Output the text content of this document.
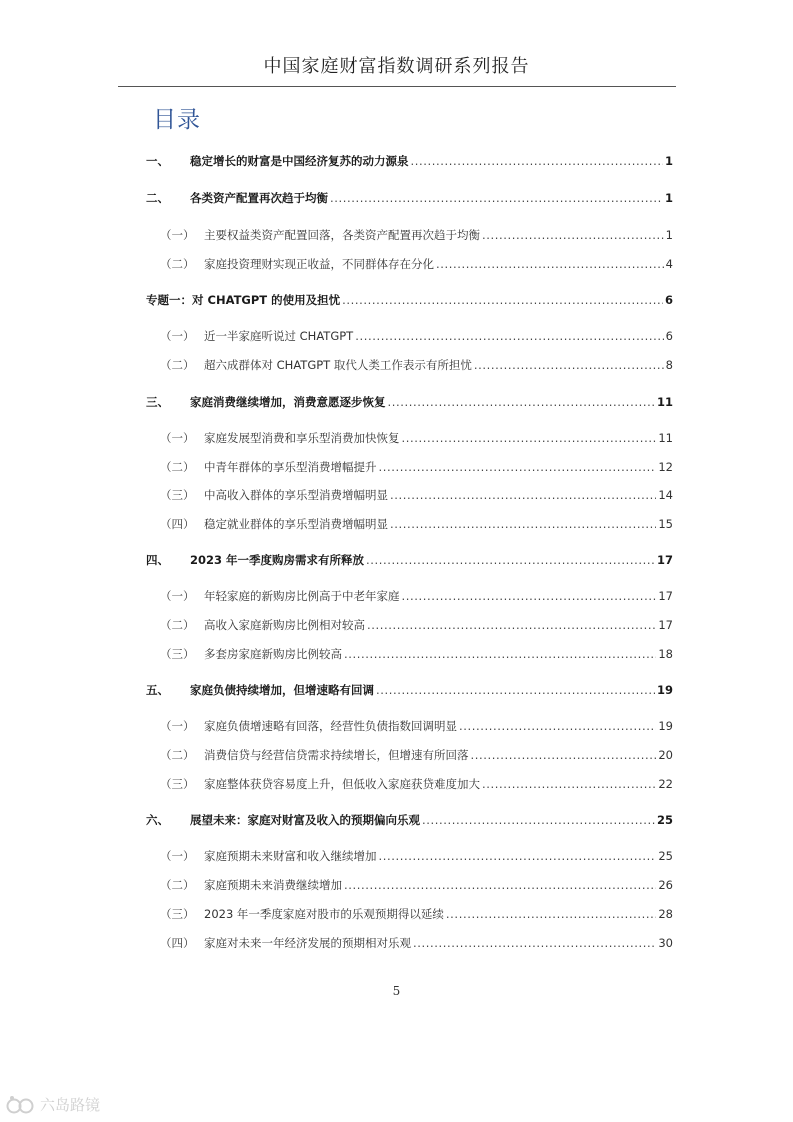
中国家庭财富指数调研系列报告
目录
一、	稳定增长的财富是中国经济复苏的动力源泉 .....	1
二、	各类资产配置再次趋于均衡 .....	1
（一） 主要权益类资产配置回落，各类资产配置再次趋于均衡 .....	1
（二） 家庭投资理财实现正收益，不同群体存在分化 .....	4
专题一：对 CHATGPT 的使用及担忧 .....	6
（一） 近一半家庭听说过 CHATGPT .....	6
（二） 超六成群体对 CHATGPT 取代人类工作表示有所担忧 .....	8
三、	家庭消费继续增加，消费意愿逐步恢复 .....	11
（一） 家庭发展型消费和享乐型消费加快恢复 .....	11
（二） 中青年群体的享乐型消费增幅提升 .....	12
（三） 中高收入群体的享乐型消费增幅明显 .....	14
（四） 稳定就业群体的享乐型消费增幅明显 .....	15
四、	2023 年一季度购房需求有所释放 .....	17
（一） 年轻家庭的新购房比例高于中老年家庭 .....	17
（二） 高收入家庭新购房比例相对较高 .....	17
（三） 多套房家庭新购房比例较高 .....	18
五、	家庭负债持续增加，但增速略有回调 .....	19
（一） 家庭负债增速略有回落，经营性负债指数回调明显 .....	19
（二） 消费信贷与经营信贷需求持续增长，但增速有所回落 .....	20
（三） 家庭整体获贷容易度上升，但低收入家庭获贷难度加大 .....	22
六、	展望未来：家庭对财富及收入的预期偏向乐观 .....	25
（一） 家庭预期未来财富和收入继续增加 .....	25
（二） 家庭预期未来消费继续增加 .....	26
（三） 2023 年一季度家庭对股市的乐观预期得以延续 .....	28
（四） 家庭对未来一年经济发展的预期相对乐观 .....	30
5
六岛路镜
